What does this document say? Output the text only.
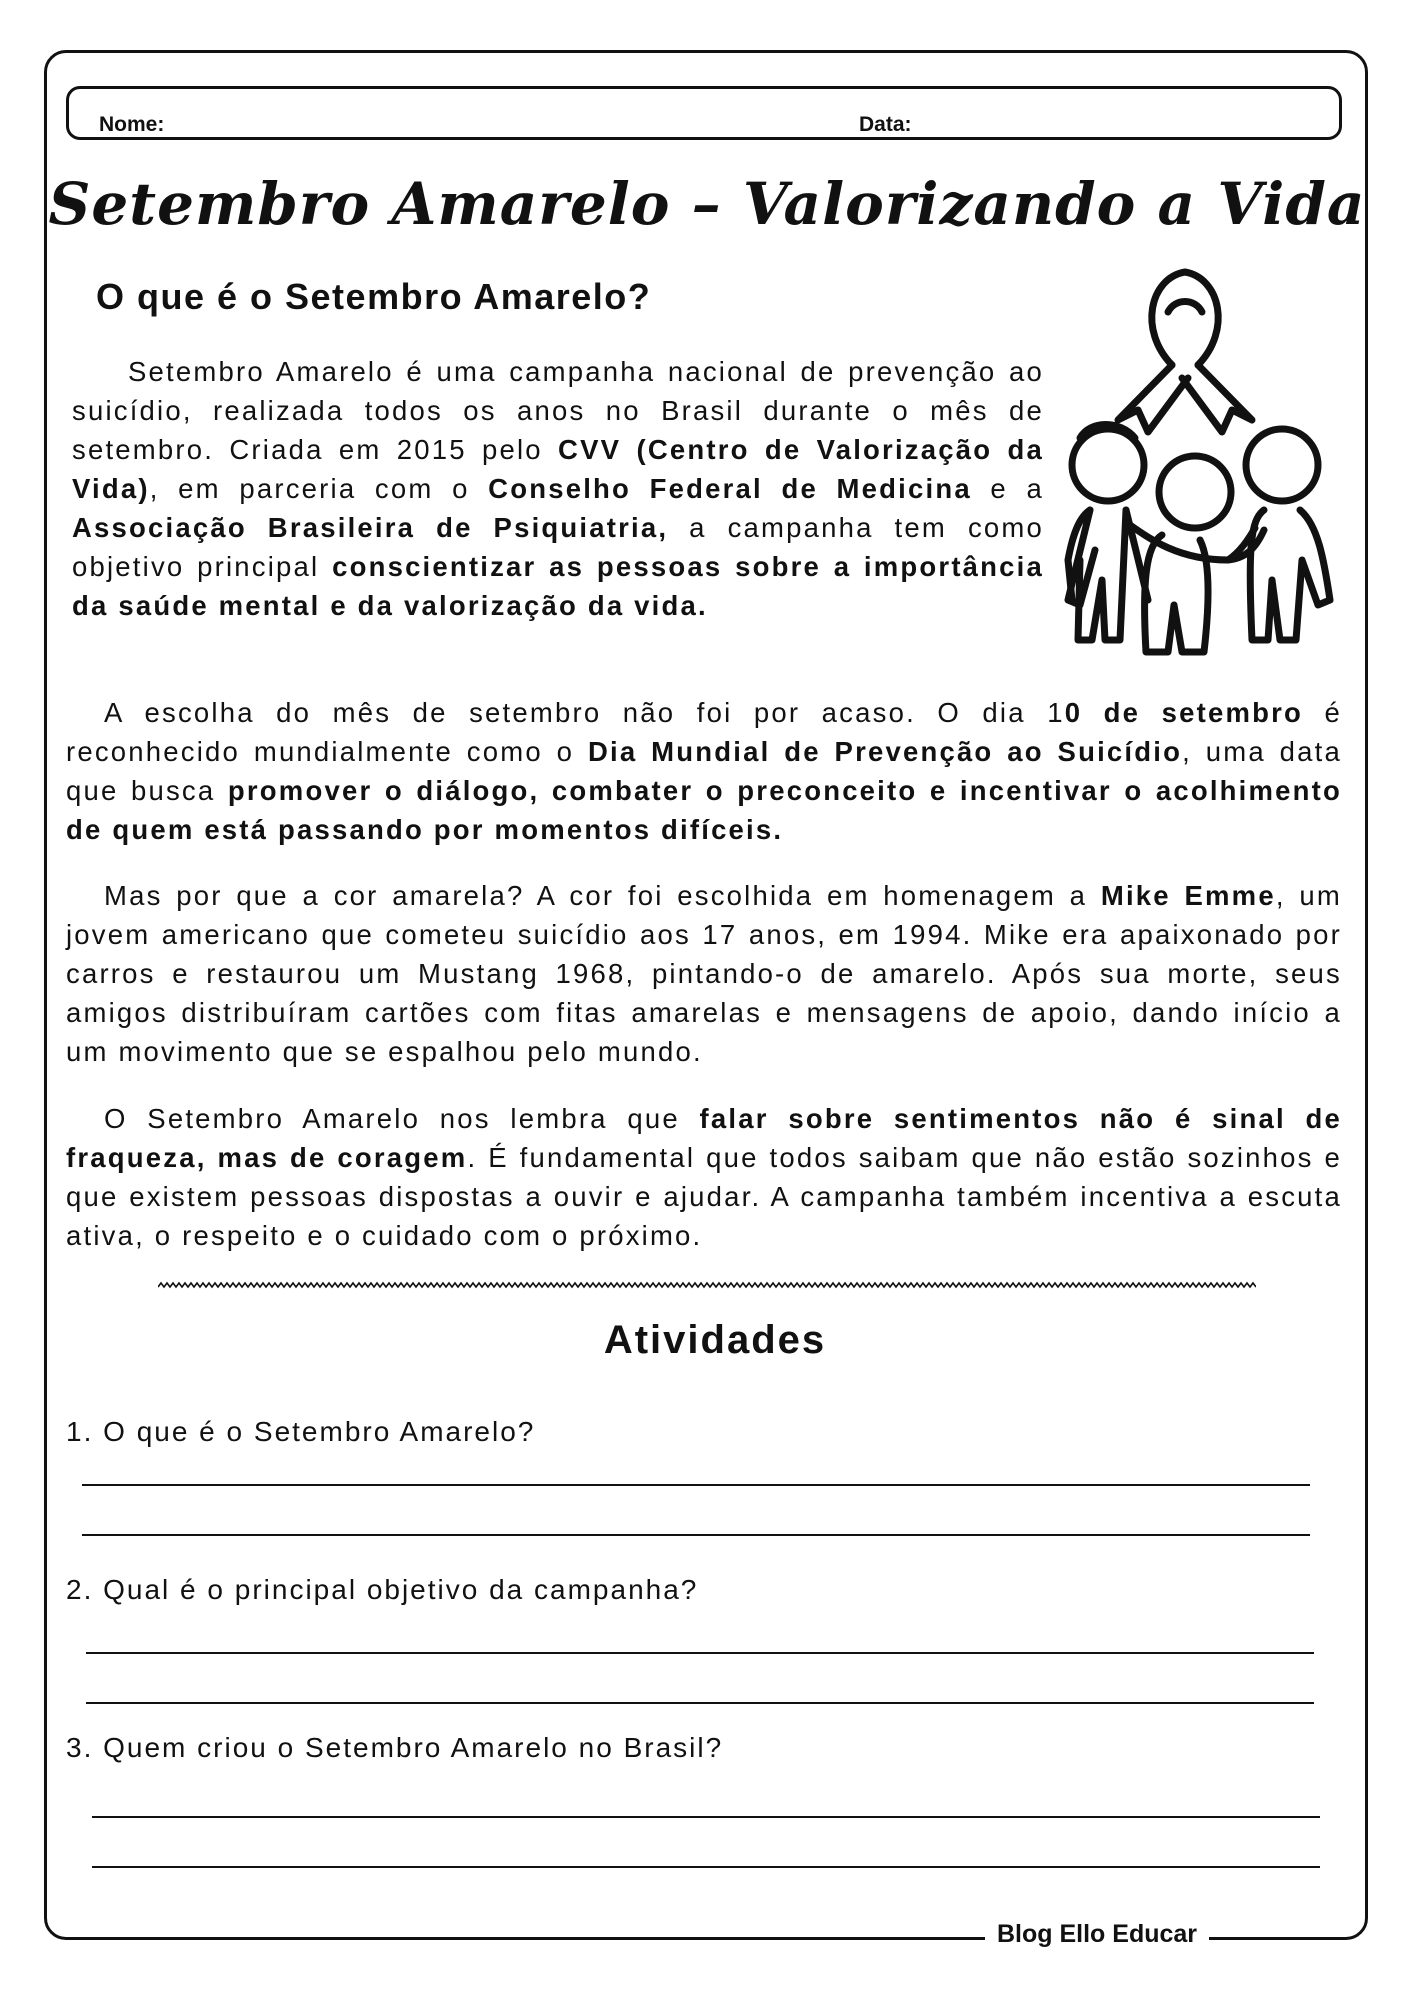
Nome:	Data:
Setembro Amarelo – Valorizando a Vida
O que é o Setembro Amarelo?

Setembro Amarelo é uma campanha nacional de prevenção ao suicídio, realizada todos os anos no Brasil durante o mês de setembro. Criada em 2015 pelo CVV (Centro de Valorização da Vida), em parceria com o Conselho Federal de Medicina e a Associação Brasileira de Psiquiatria, a campanha tem como objetivo principal conscientizar as pessoas sobre a importância da saúde mental e da valorização da vida.

A escolha do mês de setembro não foi por acaso. O dia 10 de setembro é reconhecido mundialmente como o Dia Mundial de Prevenção ao Suicídio, uma data que busca promover o diálogo, combater o preconceito e incentivar o acolhimento de quem está passando por momentos difíceis.

Mas por que a cor amarela? A cor foi escolhida em homenagem a Mike Emme, um jovem americano que cometeu suicídio aos 17 anos, em 1994. Mike era apaixonado por carros e restaurou um Mustang 1968, pintando-o de amarelo. Após sua morte, seus amigos distribuíram cartões com fitas amarelas e mensagens de apoio, dando início a um movimento que se espalhou pelo mundo.

O Setembro Amarelo nos lembra que falar sobre sentimentos não é sinal de fraqueza, mas de coragem. É fundamental que todos saibam que não estão sozinhos e que existem pessoas dispostas a ouvir e ajudar. A campanha também incentiva a escuta ativa, o respeito e o cuidado com o próximo.

Atividades
1. O que é o Setembro Amarelo?
2. Qual é o principal objetivo da campanha?
3. Quem criou o Setembro Amarelo no Brasil?
Blog Ello Educar
